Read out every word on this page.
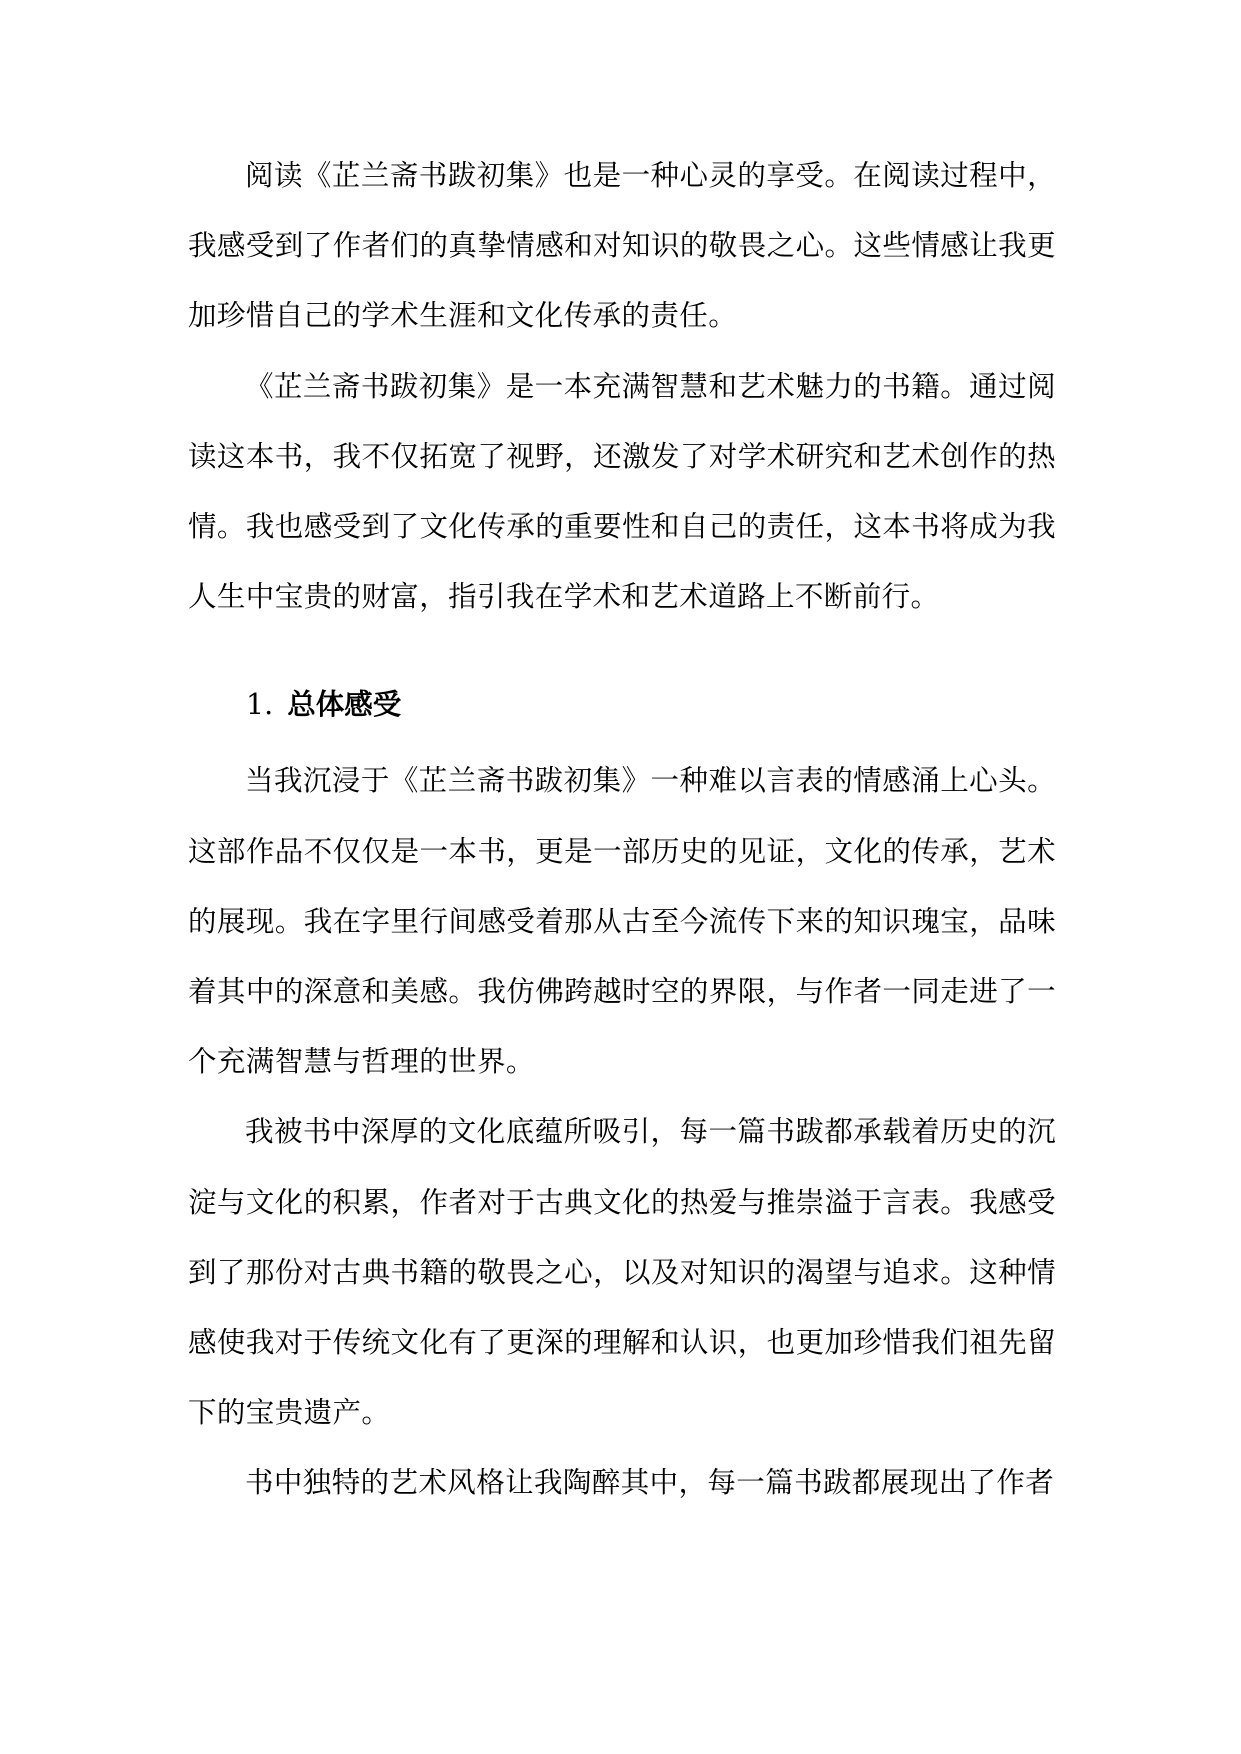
阅读《芷兰斋书跋初集》也是一种心灵的享受。在阅读过程中，我感受到了作者们的真挚情感和对知识的敬畏之心。这些情感让我更加珍惜自己的学术生涯和文化传承的责任。

《芷兰斋书跋初集》是一本充满智慧和艺术魅力的书籍。通过阅读这本书，我不仅拓宽了视野，还激发了对学术研究和艺术创作的热情。我也感受到了文化传承的重要性和自己的责任，这本书将成为我人生中宝贵的财富，指引我在学术和艺术道路上不断前行。

1. 总体感受

当我沉浸于《芷兰斋书跋初集》一种难以言表的情感涌上心头。这部作品不仅仅是一本书，更是一部历史的见证，文化的传承，艺术的展现。我在字里行间感受着那从古至今流传下来的知识瑰宝，品味着其中的深意和美感。我仿佛跨越时空的界限，与作者一同走进了一个充满智慧与哲理的世界。

我被书中深厚的文化底蕴所吸引，每一篇书跋都承载着历史的沉淀与文化的积累，作者对于古典文化的热爱与推崇溢于言表。我感受到了那份对古典书籍的敬畏之心，以及对知识的渴望与追求。这种情感使我对于传统文化有了更深的理解和认识，也更加珍惜我们祖先留下的宝贵遗产。

书中独特的艺术风格让我陶醉其中，每一篇书跋都展现出了作者
